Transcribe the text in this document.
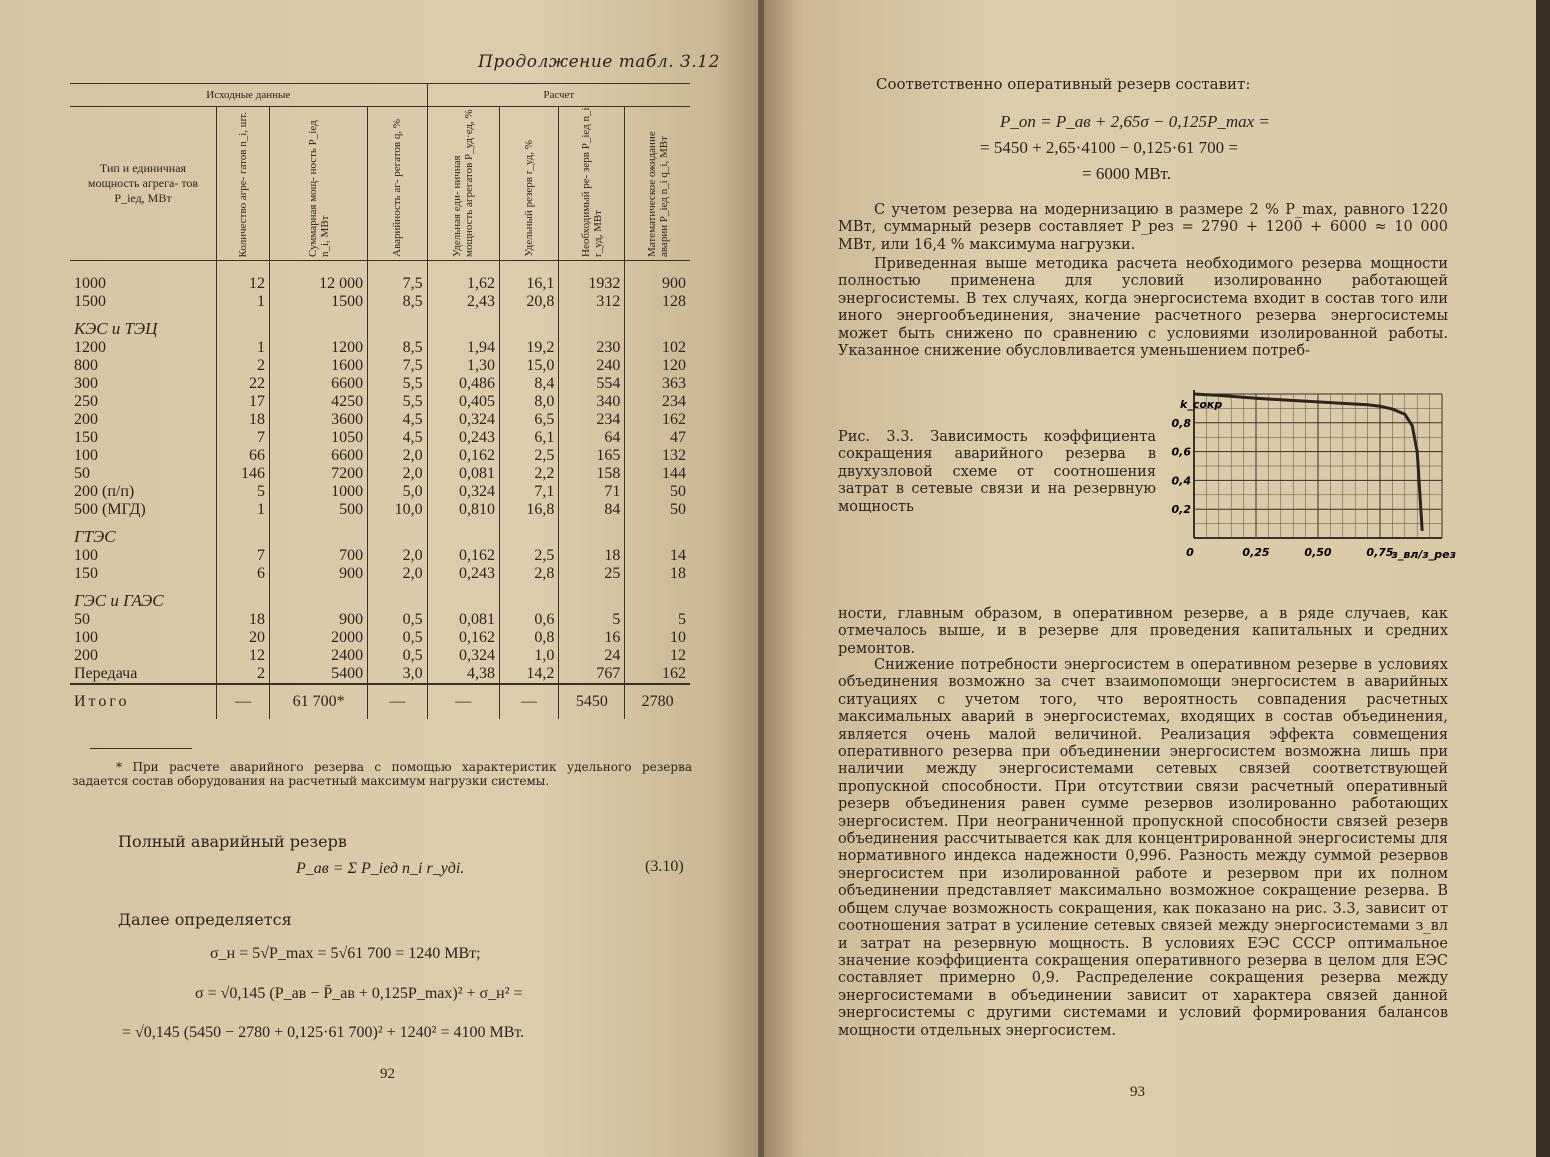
Продолжение табл. 3.12
Исходные данные				Расчет			
Тип и единичная мощность агрега- тов P_iед, МВт	Количество агре- гатов n_i, шт.	Суммарная мощ- ность P_iед n_i, МВт	Аварийность аг- регатов q, %	Удельная еди- ничная мощность агрегатов P_уд·ед, %	Удельный резерв r_уд, %	Необходимый ре- зерв P_iед n_i r_уд, МВт	Математическое ожидание аварии P_iед n_i q_i, МВт

1000	12	12 000	7,5	1,62	16,1	1932	900
1500	1	1500	8,5	2,43	20,8	312	128
КЭС и ТЭЦ							
1200	1	1200	8,5	1,94	19,2	230	102
800	2	1600	7,5	1,30	15,0	240	120
300	22	6600	5,5	0,486	8,4	554	363
250	17	4250	5,5	0,405	8,0	340	234
200	18	3600	4,5	0,324	6,5	234	162
150	7	1050	4,5	0,243	6,1	64	47
100	66	6600	2,0	0,162	2,5	165	132
50	146	7200	2,0	0,081	2,2	158	144
200 (п/п)	5	1000	5,0	0,324	7,1	71	50
500 (МГД)	1	500	10,0	0,810	16,8	84	50
ГТЭС							
100	7	700	2,0	0,162	2,5	18	14
150	6	900	2,0	0,243	2,8	25	18
ГЭС и ГАЭС							
50	18	900	0,5	0,081	0,6	5	5
100	20	2000	0,5	0,162	0,8	16	10
200	12	2400	0,5	0,324	1,0	24	12
Передача	2	5400	3,0	4,38	14,2	767	162
Итого	—	61 700*	—	—	—	5450	2780
* При расчете аварийного резерва с помощью характеристик удельного резерва задается состав оборудования на расчетный максимум нагрузки системы.
Полный аварийный резерв
P_ав = Σ P_iед n_i r_удi.	(3.10)
Далее определяется
σ_н = 5√P_max = 5√61 700 = 1240 МВт;
σ = √0,145 (P_ав − P̄_ав + 0,125P_max)² + σ_н² =
= √0,145 (5450 − 2780 + 0,125·61 700)² + 1240² = 4100 МВт.
92
Соответственно оперативный резерв составит:
P_оп = P_ав + 2,65σ − 0,125P_max =
= 5450 + 2,65·4100 − 0,125·61 700 =
= 6000 МВт.

С учетом резерва на модернизацию в размере 2 % P_max, равного 1220 МВт, суммарный резерв составляет P_рез = 2790 + 1200 + 6000 ≈ 10 000 МВт, или 16,4 % максимума нагрузки.

Приведенная выше методика расчета необходимого резерва мощности полностью применена для условий изолированно работающей энергосистемы. В тех случаях, когда энергосистема входит в состав того или иного энергообъединения, значение расчетного резерва энергосистемы может быть снижено по сравнению с условиями изолированной работы. Указанное снижение обусловливается уменьшением потреб-

Рис. 3.3. Зависимость коэффициента сокращения аварийного резерва в двухузловой схеме от соотношения затрат в сетевые связи и на резервную мощность
0	0,25	0,50	0,75
0,2
0,4
0,6
0,8
k_сокр
з_вл/з_рез

ности, главным образом, в оперативном резерве, а в ряде случаев, как отмечалось выше, и в резерве для проведения капитальных и средних ремонтов.

Снижение потребности энергосистем в оперативном резерве в условиях объединения возможно за счет взаимопомощи энергосистем в аварийных ситуациях с учетом того, что вероятность совпадения расчетных максимальных аварий в энергосистемах, входящих в состав объединения, является очень малой величиной. Реализация эффекта совмещения оперативного резерва при объединении энергосистем возможна лишь при наличии между энергосистемами сетевых связей соответствующей пропускной способности. При отсутствии связи расчетный оперативный резерв объединения равен сумме резервов изолированно работающих энергосистем. При неограниченной пропускной способности связей резерв объединения рассчитывается как для концентрированной энергосистемы для нормативного индекса надежности 0,996. Разность между суммой резервов энергосистем при изолированной работе и резервом при их полном объединении представляет максимально возможное сокращение резерва. В общем случае возможность сокращения, как показано на рис. 3.3, зависит от соотношения затрат в усиление сетевых связей между энергосистемами з_вл и затрат на резервную мощность. В условиях ЕЭС СССР оптимальное значение коэффициента сокращения оперативного резерва в целом для ЕЭС составляет примерно 0,9. Распределение сокращения резерва между энергосистемами в объединении зависит от характера связей данной энергосистемы с другими системами и условий формирования балансов мощности отдельных энергосистем.

93
